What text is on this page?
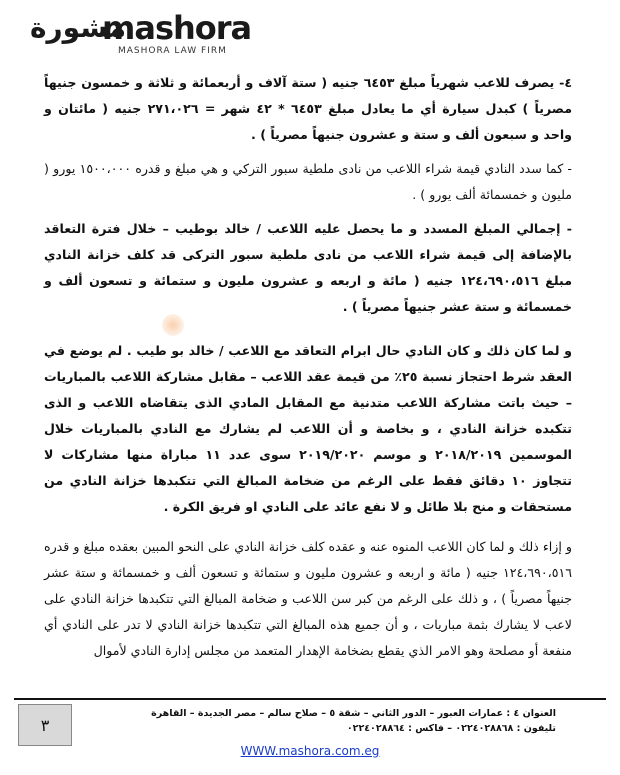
مشورة
mashora
MASHORA LAW FIRM

٤- يصرف للاعب شهرياً مبلغ ٦٤٥٣ جنيه ( ستة آلاف و أربعمائة و ثلاثة و خمسون جنيهاً مصرياً ) كبدل سيارة أي ما يعادل مبلغ ٦٤٥٣ * ٤٢ شهر = ٢٧١،٠٢٦ جنيه ( مائتان و واحد و سبعون ألف و ستة و عشرون جنيهاً مصرياً ) .

- كما سدد النادي قيمة شراء اللاعب من نادى ملطية سبور التركي و هي مبلغ و قدره ١٥٠٠،٠٠٠ يورو ( مليون و خمسمائة ألف يورو ) .

- إجمالي المبلغ المسدد و ما يحصل عليه اللاعب / خالد بوطيب – خلال فترة التعاقد بالإضافة إلى قيمة شراء اللاعب من نادى ملطية سبور التركى قد كلف خزانة النادي مبلغ ١٢٤،٦٩٠،٥١٦ جنيه ( مائة و اربعه و عشرون مليون و ستمائة و تسعون ألف و خمسمائة و ستة عشر جنيهاً مصرياً ) .

و لما كان ذلك و كان النادي حال ابرام التعاقد مع اللاعب / خالد بو طيب . لم يوضع في العقد شرط احتجاز نسبة ٢٥٪ من قيمة عقد اللاعب – مقابل مشاركة اللاعب بالمباريات – حيث باتت مشاركة اللاعب متدنية مع المقابل المادي الذى يتقاضاه اللاعب و الذى تتكبده خزانة النادي ، و بخاصة و أن اللاعب لم يشارك مع النادي بالمباريات خلال الموسمين ٢٠١٨/٢٠١٩ و موسم ٢٠١٩/٢٠٢٠ سوى عدد ١١ مباراة منها مشاركات لا تتجاوز ١٠ دقائق فقط على الرغم من ضخامة المبالغ التي تتكبدها خزانة النادي من مستحقات و منح بلا طائل و لا نفع عائد على النادي او فريق الكرة .

و إزاء ذلك و لما كان اللاعب المنوه عنه و عقده كلف خزانة النادي على النحو المبين بعقده مبلغ و قدره ١٢٤،٦٩٠،٥١٦ جنيه ( مائة و اربعه و عشرون مليون و ستمائة و تسعون ألف و خمسمائة و ستة عشر جنيهاً مصرياً ) ، و ذلك على الرغم من كبر سن اللاعب و ضخامة المبالغ التي تتكبدها خزانة النادي على لاعب لا يشارك بثمة مباريات ، و أن جميع هذه المبالغ التي تتكبدها خزانة النادي لا تدر على النادي أي منفعة أو مصلحة وهو الامر الذي يقطع بضخامة الإهدار المتعمد من مجلس إدارة النادي لأموال

٣
العنوان ٤ : عمارات العبور – الدور الثاني – شقة ٥ – صلاح سالم – مصر الجديدة – القاهرة
تليفون : ٠٢٢٤٠٢٨٨٦٨ – فاكس : ٠٢٢٤٠٢٨٨٦٤
WWW.mashora.com.eg
